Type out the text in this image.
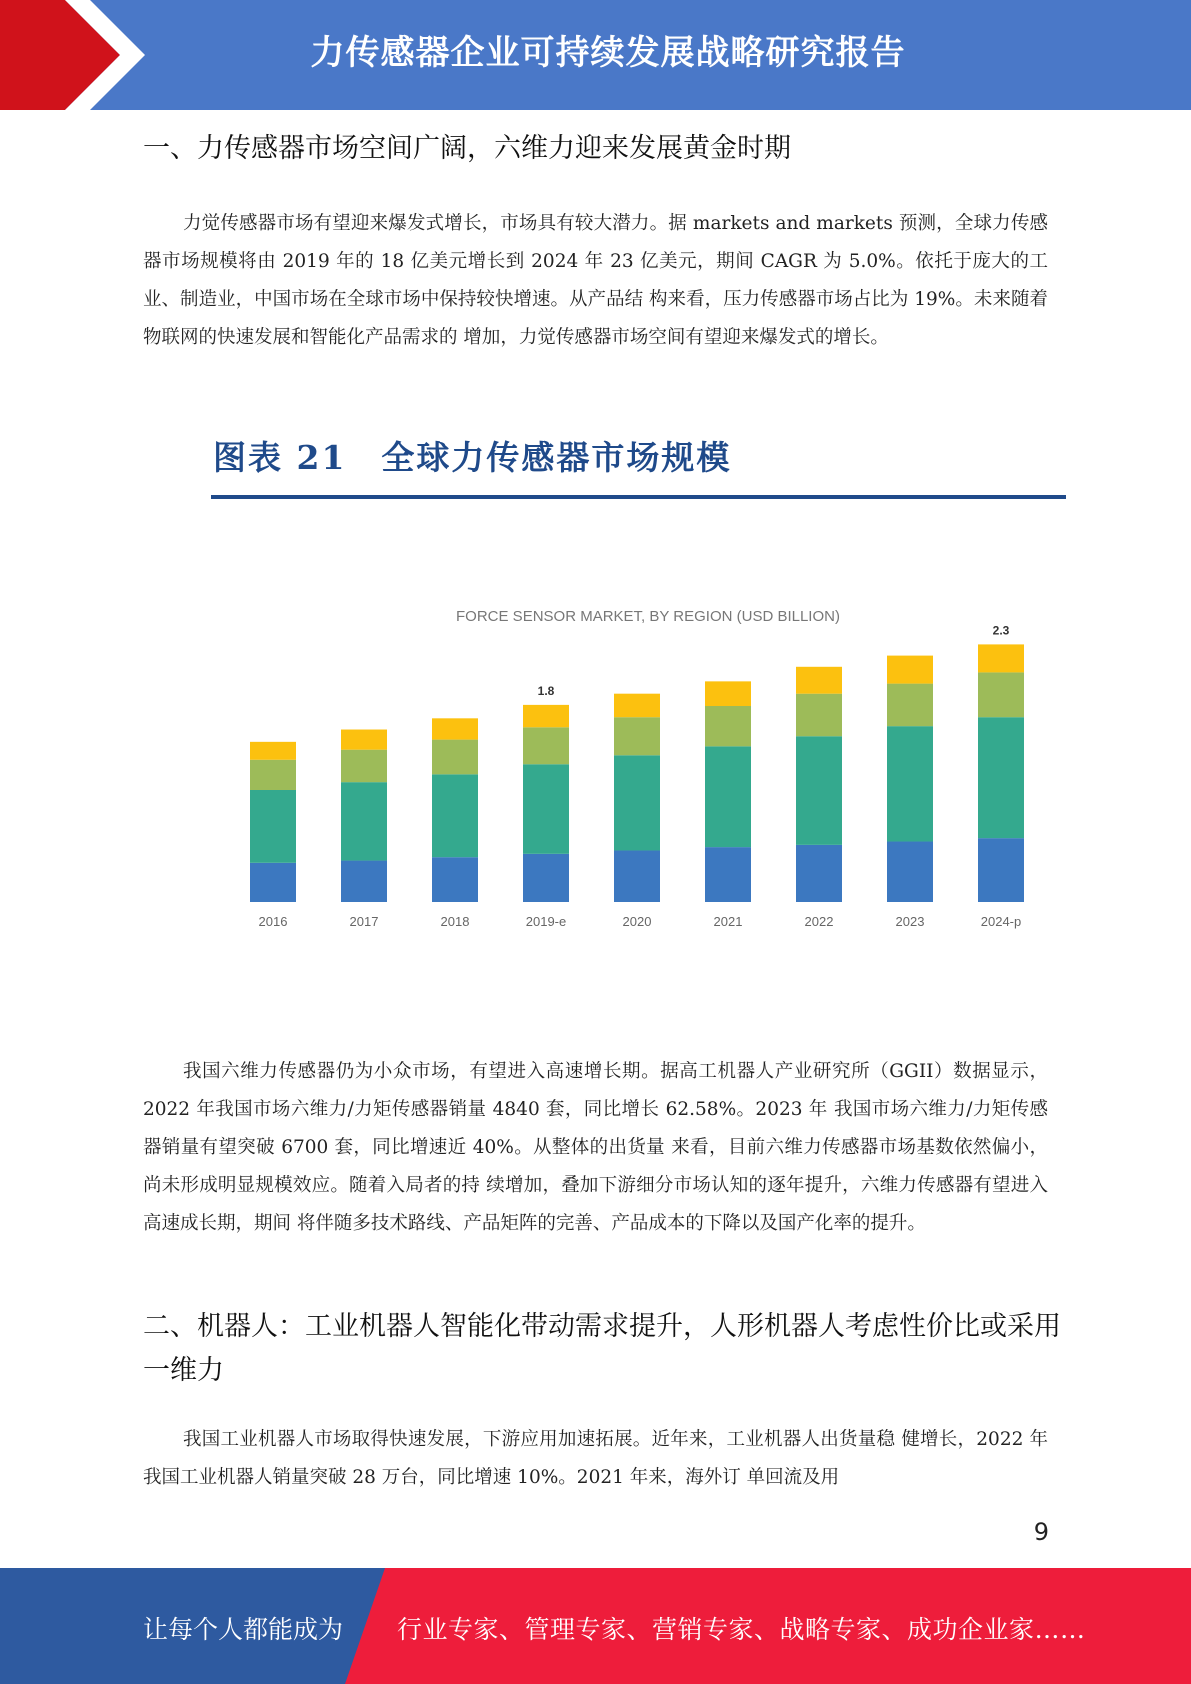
力传感器企业可持续发展战略研究报告
一、力传感器市场空间广阔，六维力迎来发展黄金时期
力觉传感器市场有望迎来爆发式增长，市场具有较大潜力。据 markets and markets 预测，全球力传感器市场规模将由 2019 年的 18 亿美元增长到 2024 年 23 亿美元，期间 CAGR 为 5.0%。依托于庞大的工业、制造业，中国市场在全球市场中保持较快增速。从产品结 构来看，压力传感器市场占比为 19%。未来随着物联网的快速发展和智能化产品需求的 增加，力觉传感器市场空间有望迎来爆发式的增长。
图表 21　全球力传感器市场规模
FORCE SENSOR MARKET, BY REGION (USD BILLION)
2016	2017	2018	2019-e
1.8
2020	2021	2022	2023	2024-p
2.3
我国六维力传感器仍为小众市场，有望进入高速增长期。据高工机器人产业研究所（GGII）数据显示，2022 年我国市场六维力/力矩传感器销量 4840 套，同比增长 62.58%。2023 年 我国市场六维力/力矩传感器销量有望突破 6700 套，同比增速近 40%。从整体的出货量 来看，目前六维力传感器市场基数依然偏小，尚未形成明显规模效应。随着入局者的持 续增加，叠加下游细分市场认知的逐年提升，六维力传感器有望进入高速成长期，期间 将伴随多技术路线、产品矩阵的完善、产品成本的下降以及国产化率的提升。
二、机器人：工业机器人智能化带动需求提升，人形机器人考虑性价比或采用一维力
我国工业机器人市场取得快速发展，下游应用加速拓展。近年来，工业机器人出货量稳 健增长，2022 年我国工业机器人销量突破 28 万台，同比增速 10%。2021 年来，海外订 单回流及用
9
让每个人都能成为 行业专家、管理专家、营销专家、战略专家、成功企业家……
